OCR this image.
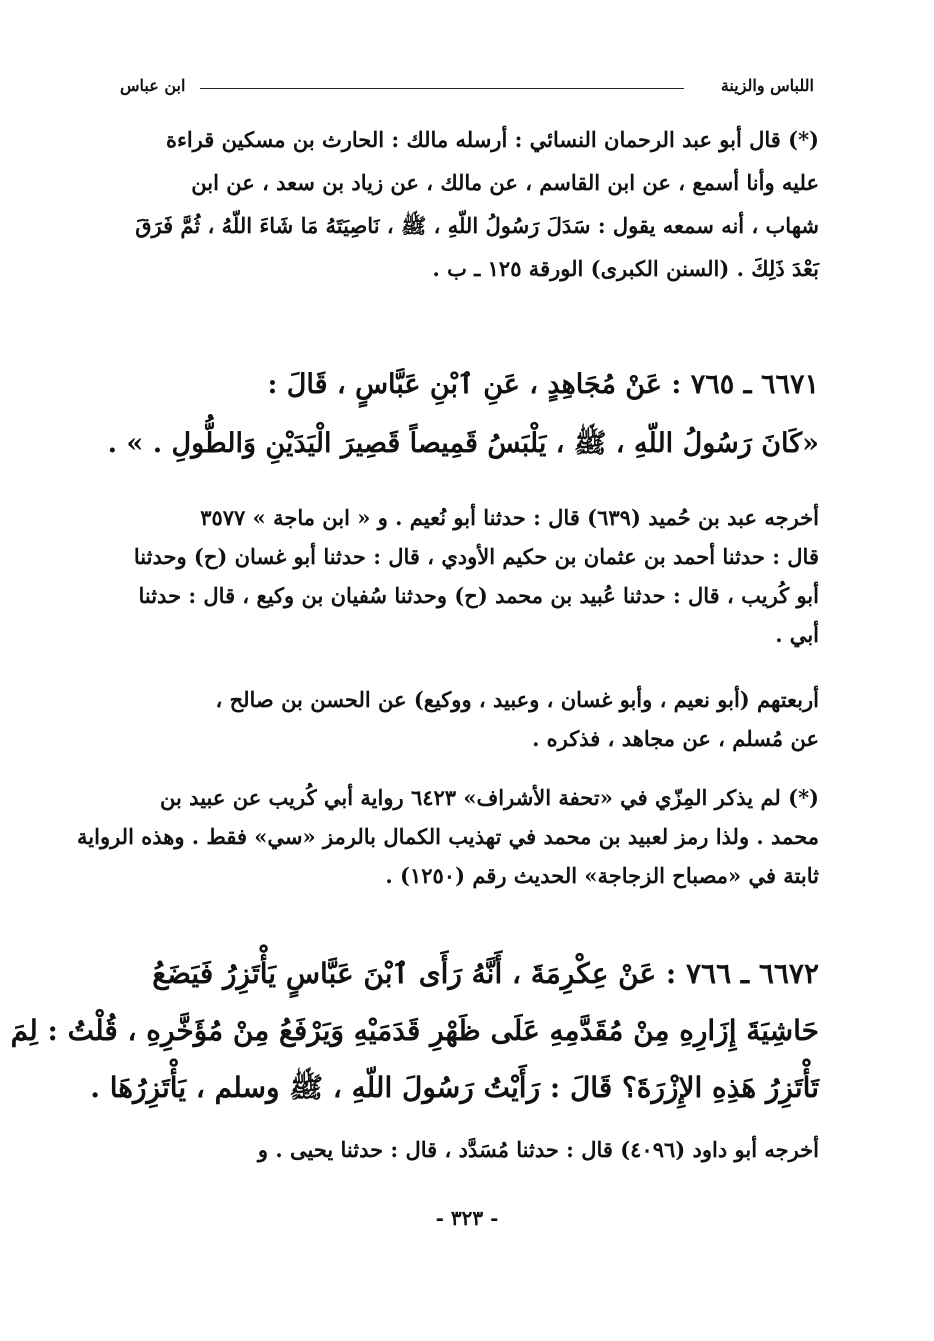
اللباس والزينة
ابن عباس
(*) قال أبو عبد الرحمان النسائي : أرسله مالك : الحارث بن مسكين قراءة
عليه وأنا أسمع ، عن ابن القاسم ، عن مالك ، عن زياد بن سعد ، عن ابن
شهاب ، أنه سمعه يقول : سَدَلَ رَسُولُ اللّهِ ، ﷺ ، نَاصِيَتَهُ مَا شَاءَ اللّهُ ، ثُمَّ فَرَقَ
بَعْدَ ذَلِكَ . (السنن الكبرى) الورقة ١٢٥ ـ ب .
٦٦٧١ ـ ٧٦٥ : عَنْ مُجَاهِدٍ ، عَنِ ٱبْنِ عَبَّاسٍ ، قَالَ :
«كَانَ رَسُولُ اللّهِ ، ﷺ ، يَلْبَسُ قَمِيصاً قَصِيرَ الْيَدَيْنِ وَالطُّولِ . » .
أخرجه عبد بن حُميد (٦٣٩) قال : حدثنا أبو نُعيم . و « ابن ماجة » ٣٥٧٧
قال : حدثنا أحمد بن عثمان بن حكيم الأودي ، قال : حدثنا أبو غسان (ح) وحدثنا
أبو كُريب ، قال : حدثنا عُبيد بن محمد (ح) وحدثنا سُفيان بن وكيع ، قال : حدثنا
أبي .
أربعتهم (أبو نعيم ، وأبو غسان ، وعبيد ، ووكيع) عن الحسن بن صالح ،
عن مُسلم ، عن مجاهد ، فذكره .
(*) لم يذكر المِزّي في «تحفة الأشراف» ٦٤٢٣ رواية أبي كُريب عن عبيد بن
محمد . ولذا رمز لعبيد بن محمد في تهذيب الكمال بالرمز «سي» فقط . وهذه الرواية
ثابتة في «مصباح الزجاجة» الحديث رقم (١٢٥٠) .
٦٦٧٢ ـ ٧٦٦ : عَنْ عِكْرِمَةَ ، أَنَّهُ رَأَى ٱبْنَ عَبَّاسٍ يَأْتَزِرُ فَيَضَعُ
حَاشِيَةَ إِزَارِهِ مِنْ مُقَدَّمِهِ عَلَى ظَهْرِ قَدَمَيْهِ وَيَرْفَعُ مِنْ مُؤَخَّرِهِ ، قُلْتُ : لِمَ
تَأْتَزِرُ هَذِهِ الإِزْرَةَ؟ قَالَ : رَأَيْتُ رَسُولَ اللّهِ ، ﷺ وسلم ، يَأْتَزِرُهَا .
أخرجه أبو داود (٤٠٩٦) قال : حدثنا مُسَدَّد ، قال : حدثنا يحيى . و
- ٣٢٣ -
